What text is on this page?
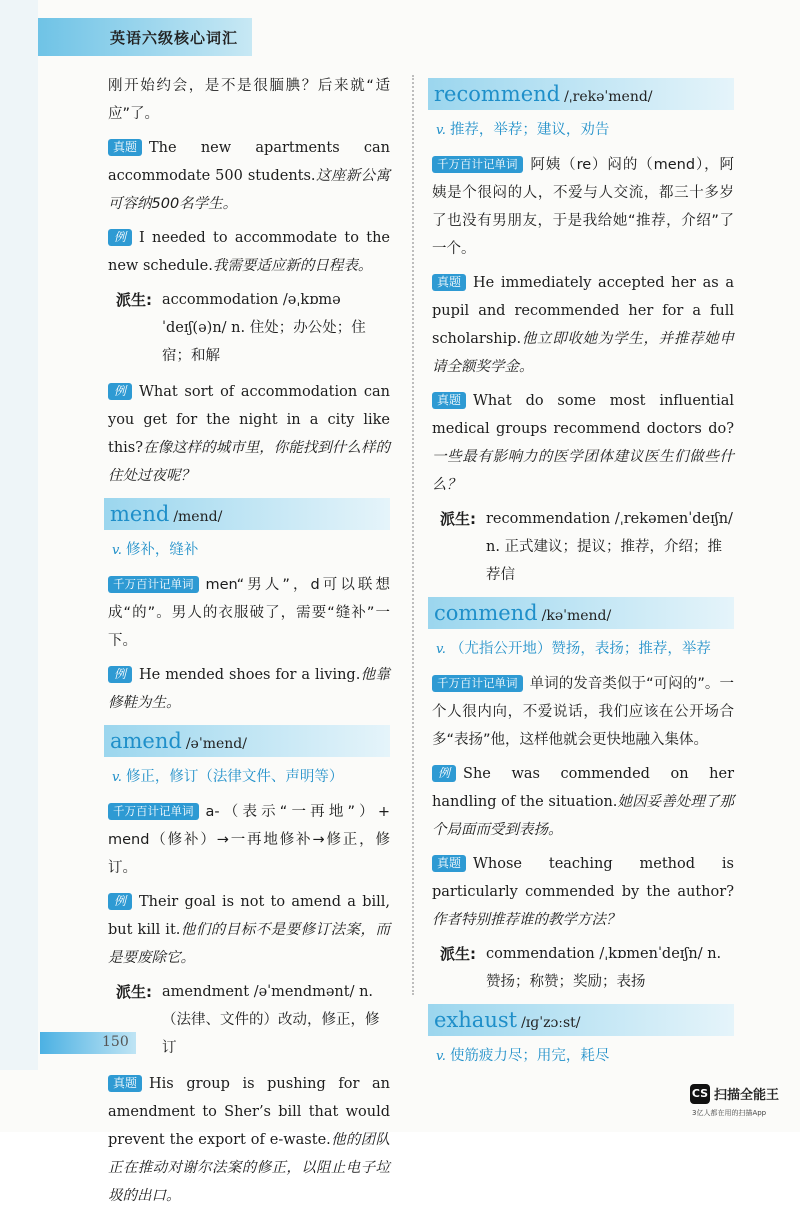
英语六级核心词汇

刚开始约会，是不是很腼腆？后来就“适应”了。

真题 The new apartments can accommodate 500 students.这座新公寓可容纳500名学生。

例 I needed to accommodate to the new schedule.我需要适应新的日程表。

派生: accommodation /əˌkɒməˈdeɪʃ(ə)n/ n. 住处；办公处；住宿；和解

例 What sort of accommodation can you get for the night in a city like this?在像这样的城市里，你能找到什么样的住处过夜呢？

mend /mend/
v. 修补，缝补

千万百计记单词 men“男人”，d可以联想成“的”。男人的衣服破了，需要“缝补”一下。

例 He mended shoes for a living.他靠修鞋为生。

amend /əˈmend/
v. 修正，修订（法律文件、声明等）

千万百计记单词 a-（表示“一再地”）+ mend（修补）→一再地修补→修正，修订。

例 Their goal is not to amend a bill, but kill it.他们的目标不是要修订法案，而是要废除它。

派生: amendment /əˈmendmənt/ n.（法律、文件的）改动，修正，修订

真题 His group is pushing for an amendment to Sher’s bill that would prevent the export of e-waste.他的团队正在推动对谢尔法案的修正，以阻止电子垃圾的出口。

recommend /ˌrekəˈmend/
v. 推荐，举荐；建议，劝告

千万百计记单词 阿姨（re）闷的（mend），阿姨是个很闷的人，不爱与人交流，都三十多岁了也没有男朋友，于是我给她“推荐，介绍”了一个。

真题 He immediately accepted her as a pupil and recommended her for a full scholarship.他立即收她为学生，并推荐她申请全额奖学金。

真题 What do some most influential medical groups recommend doctors do?一些最有影响力的医学团体建议医生们做些什么？

派生: recommendation /ˌrekəmenˈdeɪʃn/ n. 正式建议；提议；推荐，介绍；推荐信
commend /kəˈmend/
v. （尤指公开地）赞扬，表扬；推荐，举荐

千万百计记单词 单词的发音类似于“可闷的”。一个人很内向，不爱说话，我们应该在公开场合多“表扬”他，这样他就会更快地融入集体。

例 She was commended on her handling of the situation.她因妥善处理了那个局面而受到表扬。

真题 Whose teaching method is particularly commended by the author?作者特别推荐谁的教学方法？

派生: commendation /ˌkɒmenˈdeɪʃn/ n. 赞扬；称赞；奖励；表扬
exhaust /ɪɡˈzɔːst/
v. 使筋疲力尽；用完，耗尽
150
CS 扫描全能王
3亿人都在用的扫描App
